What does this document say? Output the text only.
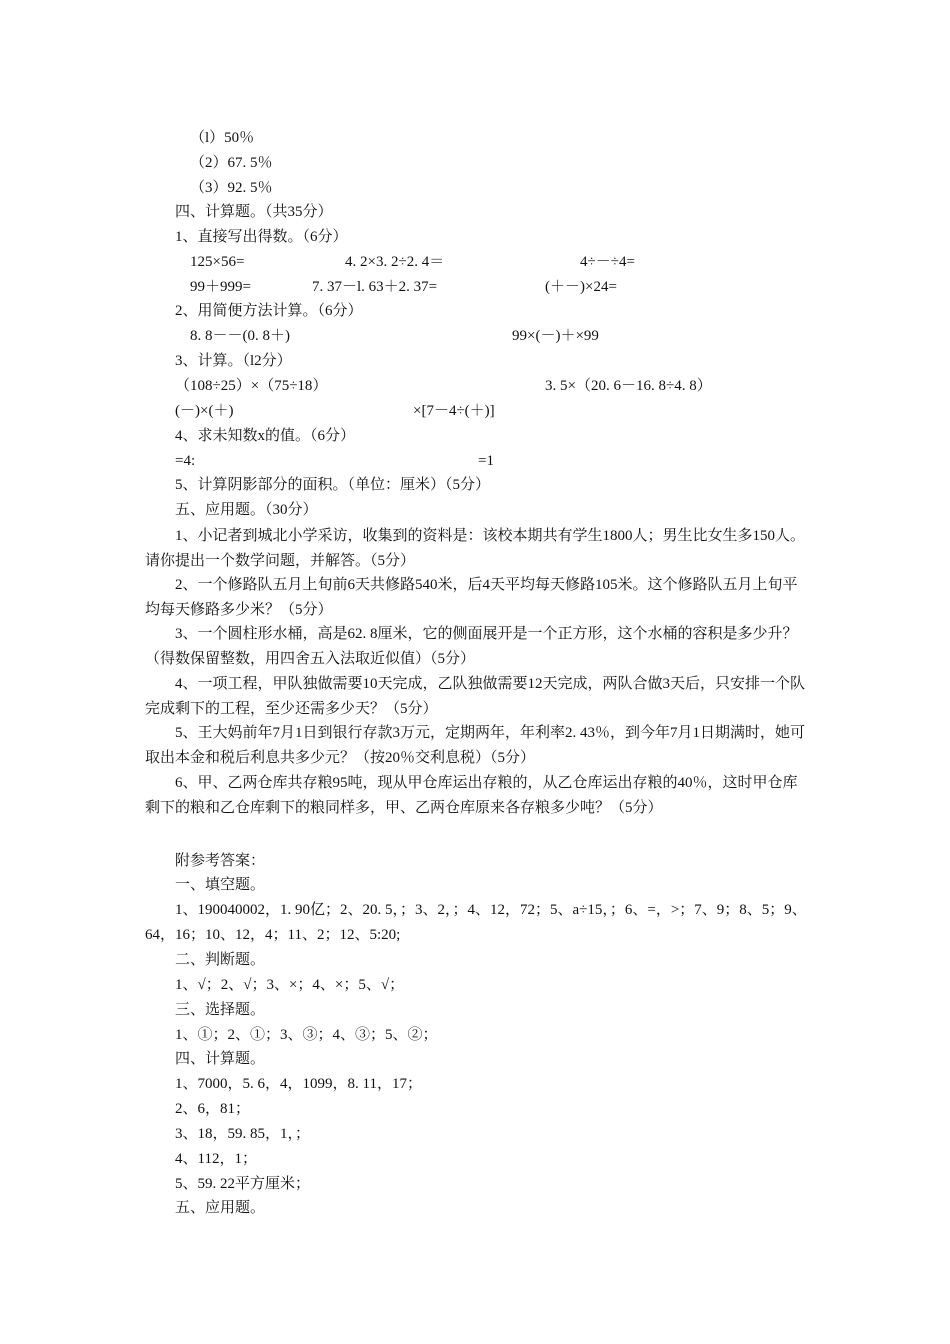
（l）50％
（2）67. 5％
（3）92. 5％
四、计算题。（共35分）
1、直接写出得数。（6分）
125×56=	4. 2×3. 2÷2. 4＝	4÷－÷4=
99＋999=	7. 37－l. 63＋2. 37=	(＋－)×24=
2、用简便方法计算。（6分）
8. 8－－(0. 8＋)	99×(－)＋×99
3、计算。（l2分）
（108÷25）×（75÷18）	3. 5×（20. 6－16. 8÷4. 8）
(－)×(＋)	×[7－4÷(＋)]
4、求未知数x的值。（6分）
=4:	=1
5、计算阴影部分的面积。（单位：厘米）（5分）
五、应用题。（30分）
1、小记者到城北小学采访，收集到的资料是：该校本期共有学生1800人；男生比女生多150人。请你提出一个数学问题，并解答。（5分）
2、一个修路队五月上旬前6天共修路540米，后4天平均每天修路105米。这个修路队五月上旬平均每天修路多少米？（5分）
3、一个圆柱形水桶，高是62. 8厘米，它的侧面展开是一个正方形，这个水桶的容积是多少升？（得数保留整数，用四舍五入法取近似值）（5分）
4、一项工程，甲队独做需要10天完成，乙队独做需要12天完成，两队合做3天后，只安排一个队完成剩下的工程，至少还需多少天？（5分）
5、王大妈前年7月1日到银行存款3万元，定期两年，年利率2. 43％，到今年7月1日期满时，她可取出本金和税后利息共多少元？（按20％交利息税）（5分）
6、甲、乙两仓库共存粮95吨，现从甲仓库运出存粮的，从乙仓库运出存粮的40％，这时甲仓库剩下的粮和乙仓库剩下的粮同样多，甲、乙两仓库原来各存粮多少吨？（5分）
附参考答案：
一、填空题。
1、190040002，1. 90亿；2、20. 5，；3、2，；4、12，72；5、a÷15，；6、=，>；7、9；8、5；9、64，16；10、12，4；11、2；12、5:20;
二、判断题。
1、√；2、√；3、×；4、×；5、√；
三、选择题。
1、①；2、①；3、③；4、③；5、②；
四、计算题。
1、7000，5. 6，4，1099，8. 11，17；
2、6，81；
3、18，59. 85，1，；
4、112，1；
5、59. 22平方厘米；
五、应用题。
